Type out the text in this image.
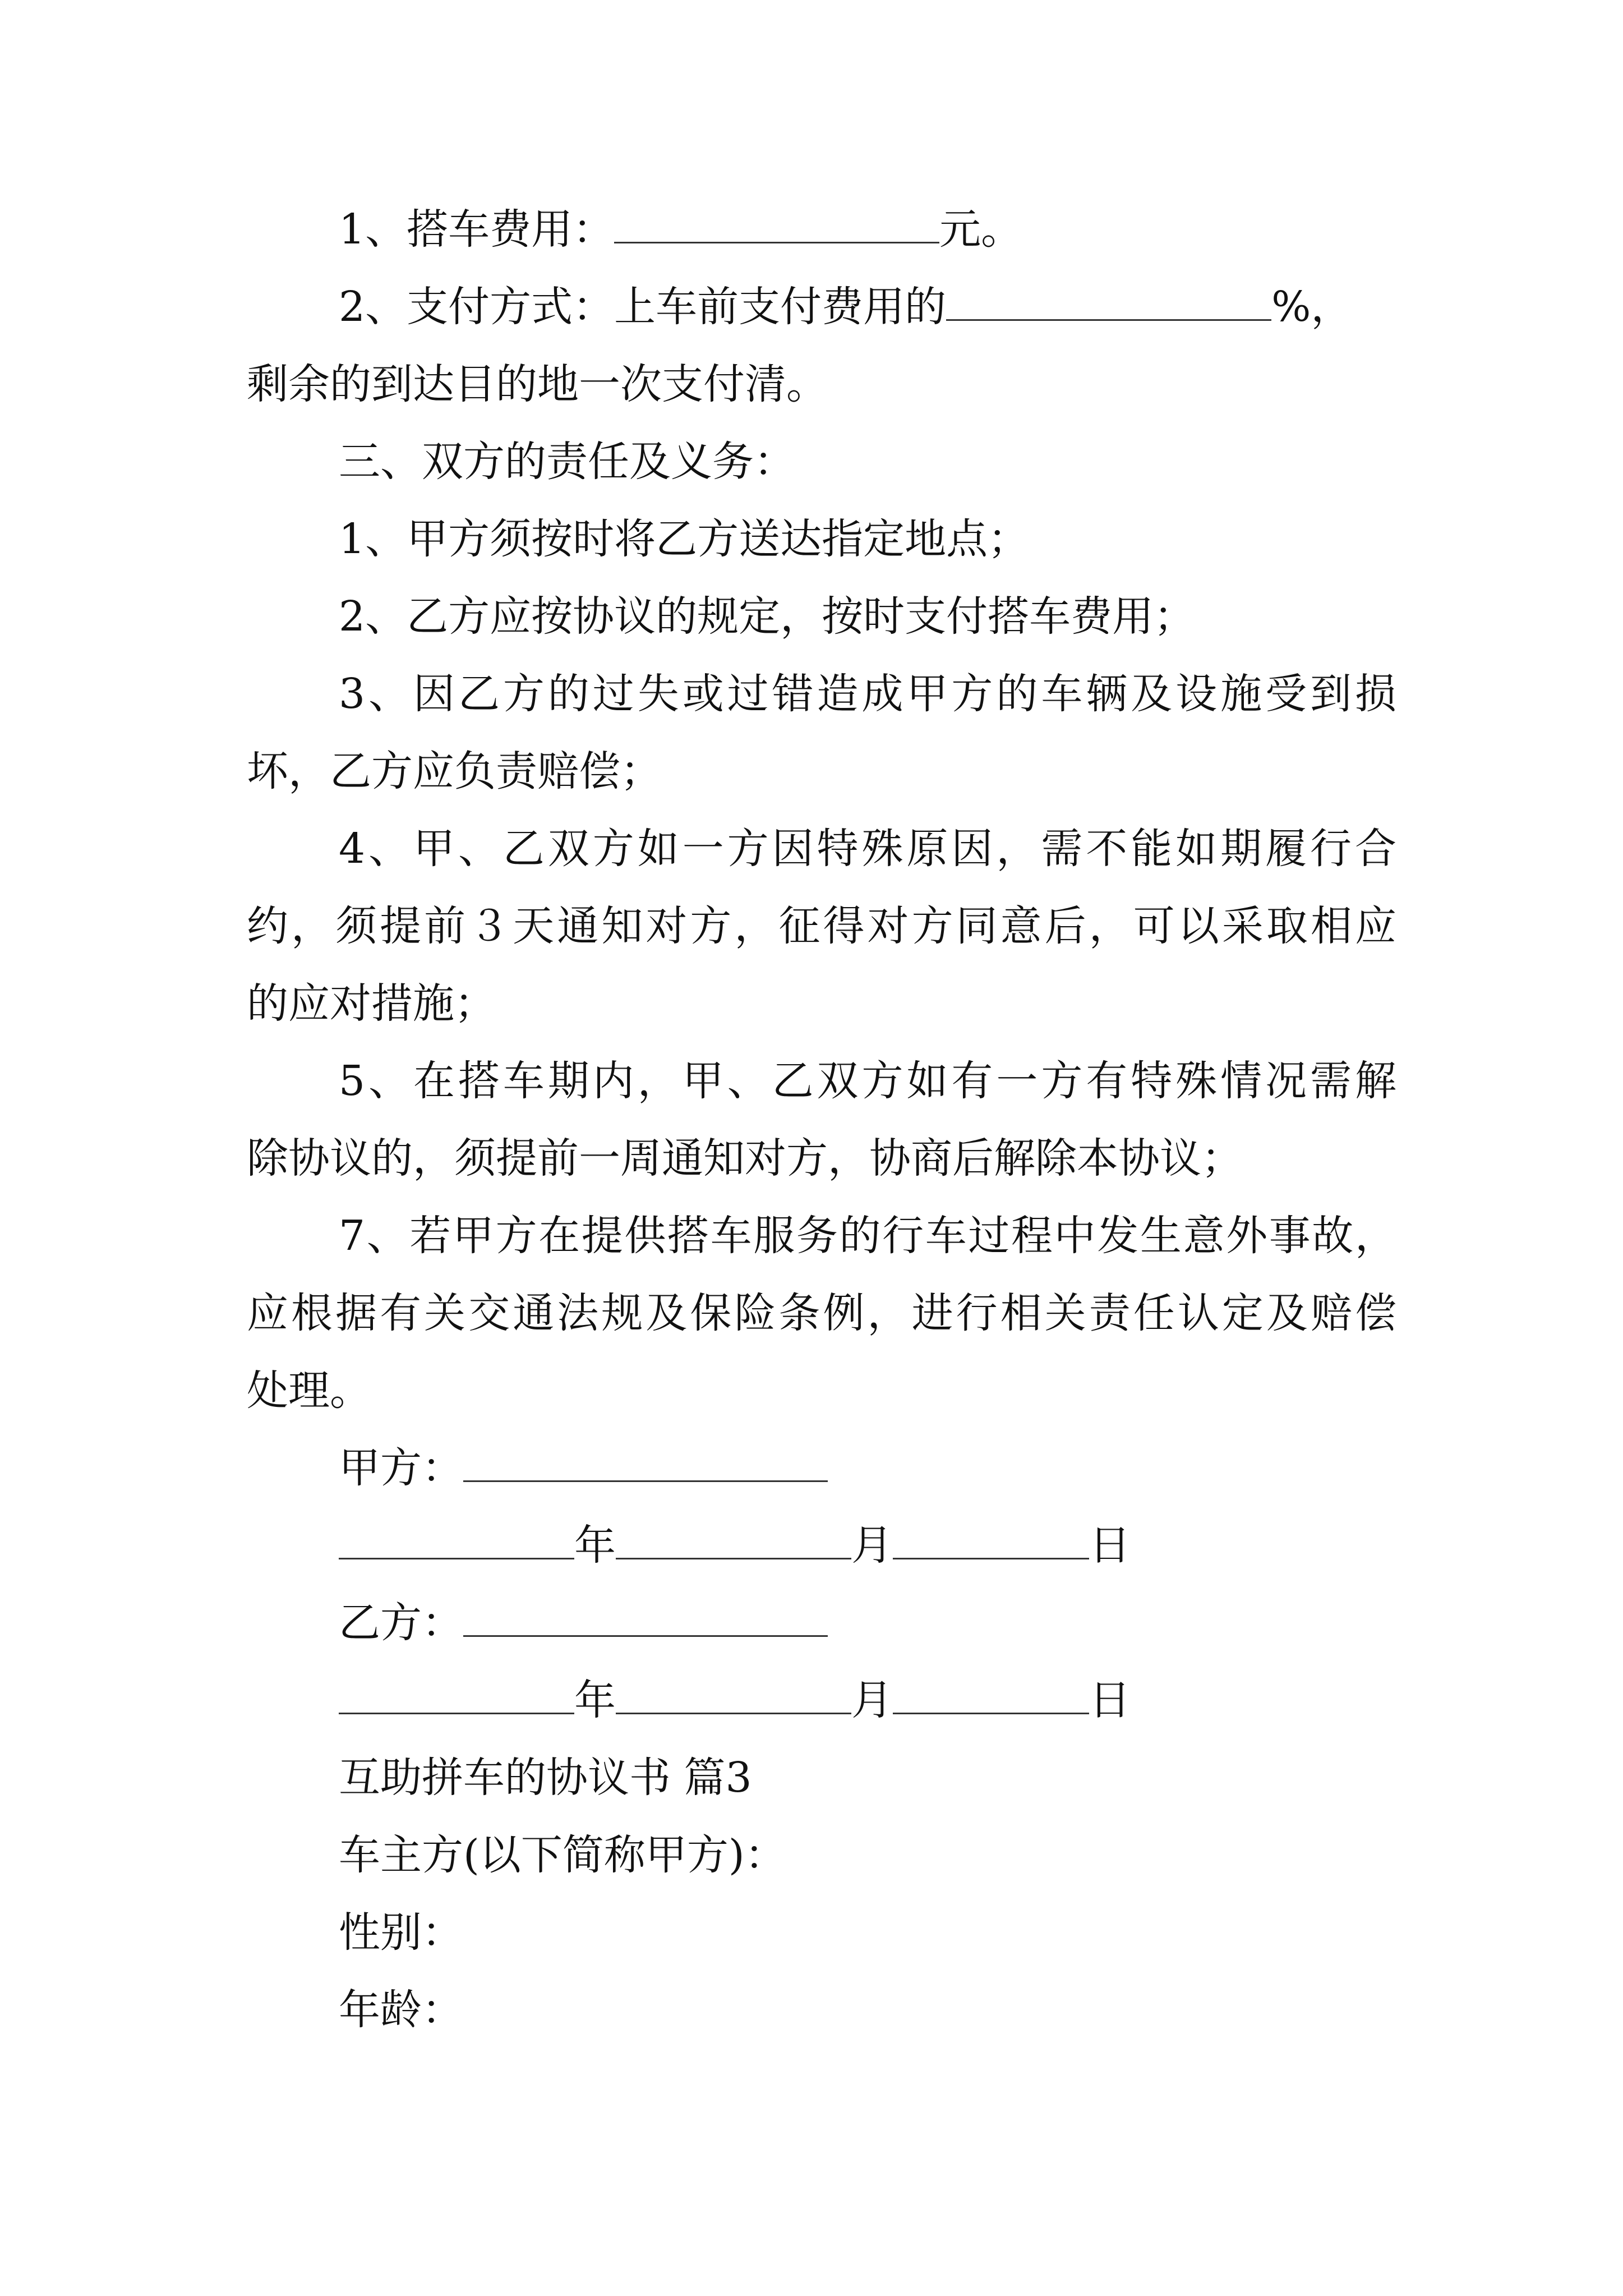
1、搭车费用：	元。

2、支付方式：上车前支付费用的	%，

剩余的到达目的地一次支付清。

三、双方的责任及义务：

1、甲方须按时将乙方送达指定地点；

2、乙方应按协议的规定，按时支付搭车费用；

3、因乙方的过失或过错造成甲方的车辆及设施受到损

坏，乙方应负责赔偿；

4、甲、乙双方如一方因特殊原因，需不能如期履行合

约，须提前３天通知对方，征得对方同意后，可以采取相应

的应对措施；

5、在搭车期内，甲、乙双方如有一方有特殊情况需解

除协议的，须提前一周通知对方，协商后解除本协议；

7、若甲方在提供搭车服务的行车过程中发生意外事故，

应根据有关交通法规及保险条例，进行相关责任认定及赔偿

处理。

甲方：

年	月	日

乙方：

年	月	日

互助拼车的协议书 篇3

车主方(以下简称甲方)：

性别：

年龄：
